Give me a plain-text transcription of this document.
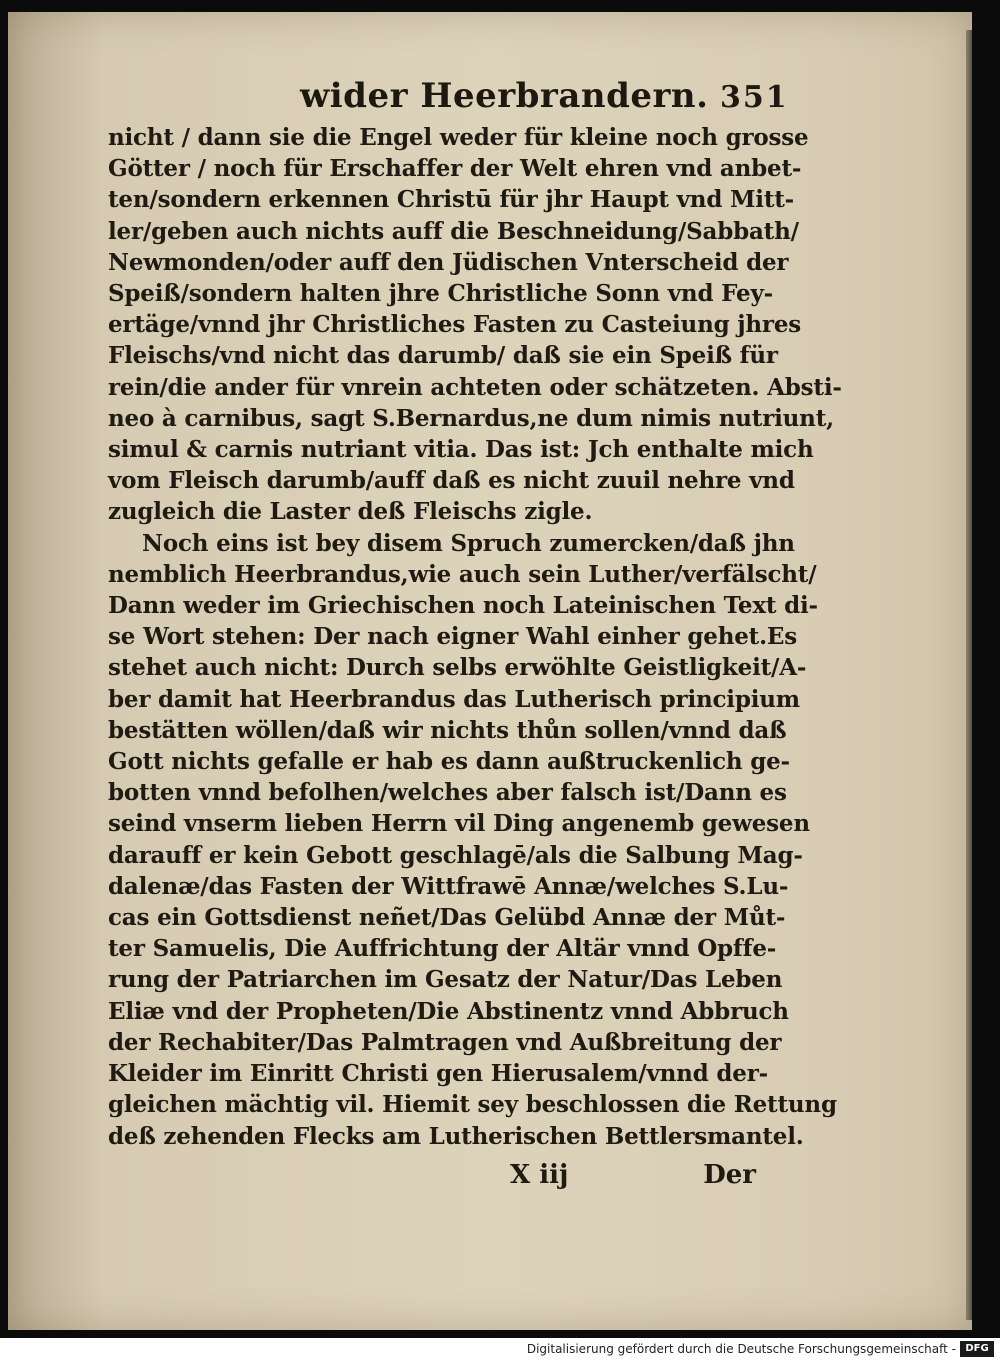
wider Heerbrandern. 351
nicht / dann sie die Engel weder für kleine noch grosse
Götter / noch für Erschaffer der Welt ehren vnd anbet-
ten/sondern erkennen Christū für jhr Haupt vnd Mitt-
ler/geben auch nichts auff die Beschneidung/Sabbath/
Newmonden/oder auff den Jüdischen Vnterscheid der
Speiß/sondern halten jhre Christliche Sonn vnd Fey-
ertäge/vnnd jhr Christliches Fasten zu Casteiung jhres
Fleischs/vnd nicht das darumb/ daß sie ein Speiß für
rein/die ander für vnrein achteten oder schätzeten. Absti-
neo à carnibus, sagt S.Bernardus,ne dum nimis nutriunt,
simul & carnis nutriant vitia. Das ist: Jch enthalte mich
vom Fleisch darumb/auff daß es nicht zuuil nehre vnd
zugleich die Laster deß Fleischs zigle.
Noch eins ist bey disem Spruch zumercken/daß jhn
nemblich Heerbrandus,wie auch sein Luther/verfälscht/
Dann weder im Griechischen noch Lateinischen Text di-
se Wort stehen: Der nach eigner Wahl einher gehet.Es
stehet auch nicht: Durch selbs erwöhlte Geistligkeit/A-
ber damit hat Heerbrandus das Lutherisch principium
bestätten wöllen/daß wir nichts thůn sollen/vnnd daß
Gott nichts gefalle er hab es dann außtruckenlich ge-
botten vnnd befolhen/welches aber falsch ist/Dann es
seind vnserm lieben Herrn vil Ding angenemb gewesen
darauff er kein Gebott geschlagē/als die Salbung Mag-
dalenæ/das Fasten der Wittfrawē Annæ/welches S.Lu-
cas ein Gottsdienst neñet/Das Gelübd Annæ der Můt-
ter Samuelis, Die Auffrichtung der Altär vnnd Opffe-
rung der Patriarchen im Gesatz der Natur/Das Leben
Eliæ vnd der Propheten/Die Abstinentz vnnd Abbruch
der Rechabiter/Das Palmtragen vnd Außbreitung der
Kleider im Einritt Christi gen Hierusalem/vnnd der-
gleichen mächtig vil. Hiemit sey beschlossen die Rettung
deß zehenden Flecks am Lutherischen Bettlersmantel.
X iij	Der
Digitalisierung gefördert durch die Deutsche Forschungsgemeinschaft - DFG
